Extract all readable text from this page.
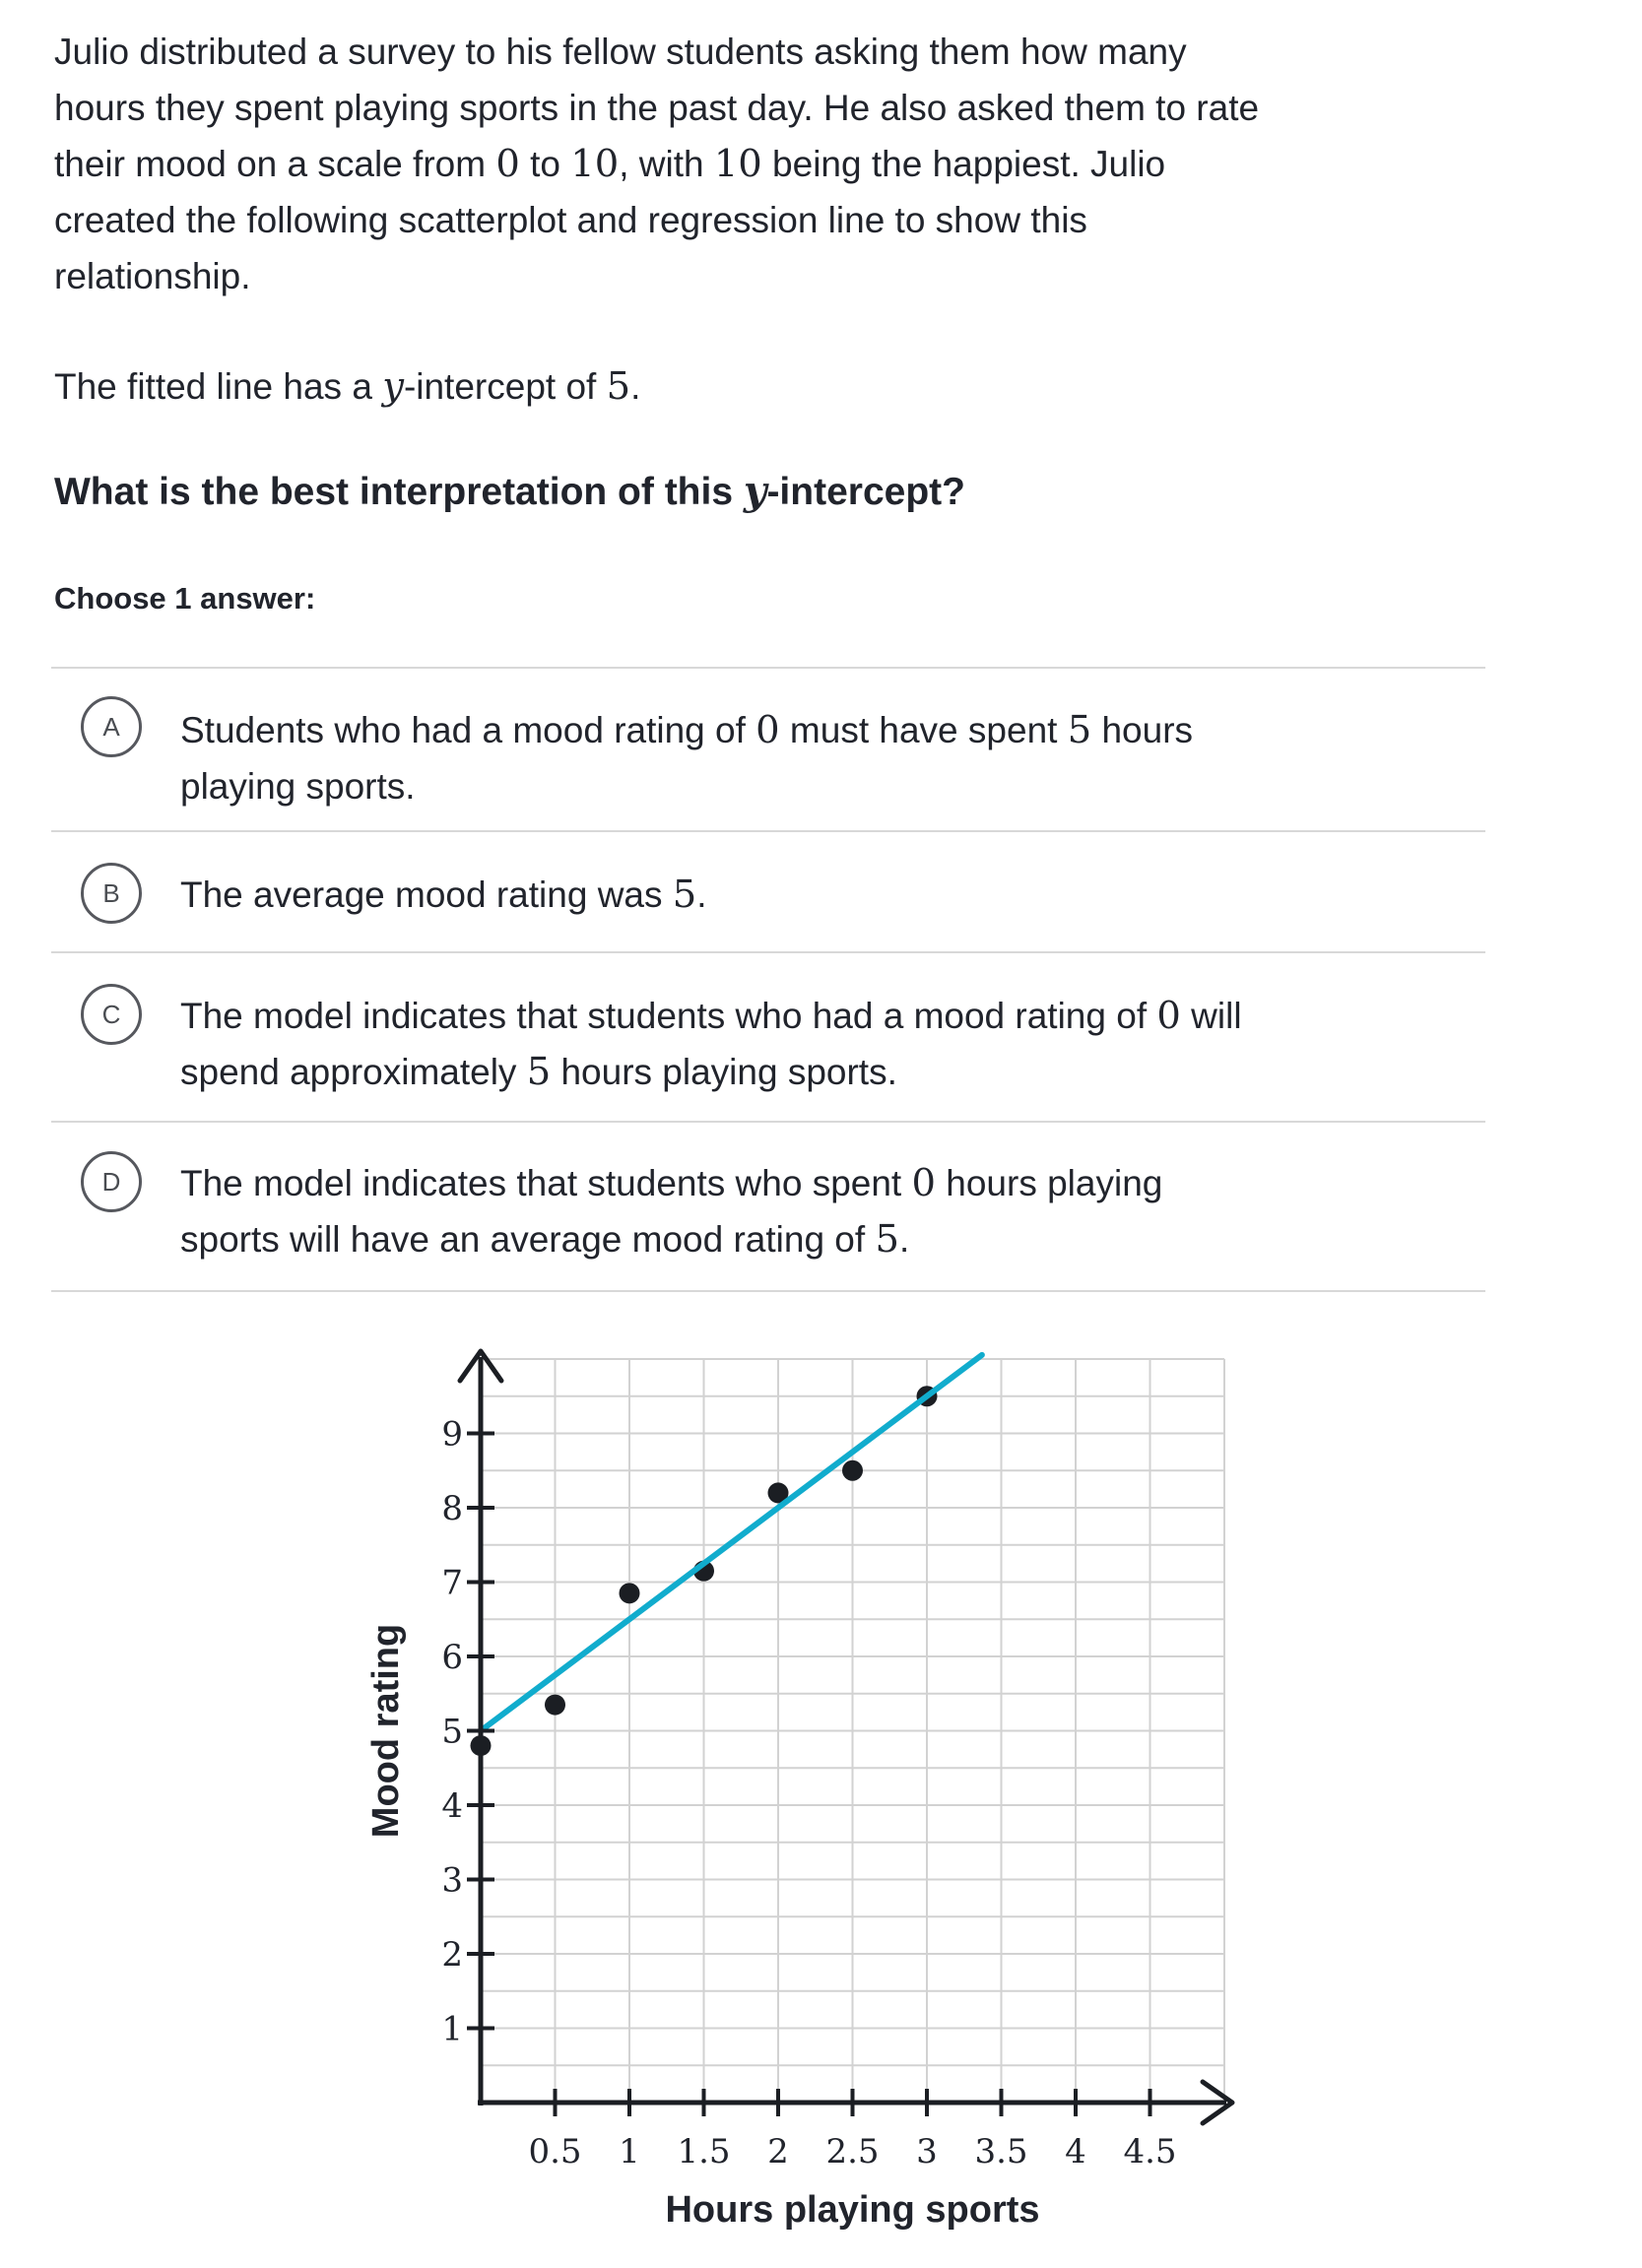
Julio distributed a survey to his fellow students asking them how many
hours they spent playing sports in the past day. He also asked them to rate
their mood on a scale from 0 to 10, with 10 being the happiest. Julio
created the following scatterplot and regression line to show this
relationship.
The fitted line has a y-intercept of 5.
What is the best interpretation of this y-intercept?
Choose 1 answer:
A	Students who had a mood rating of 0 must have spent 5 hours
playing sports.
B	The average mood rating was 5.
C	The model indicates that students who had a mood rating of 0 will
spend approximately 5 hours playing sports.
D	The model indicates that students who spent 0 hours playing
sports will have an average mood rating of 5.
0.5 1 1.5 2 2.5 3 3.5 4 4.5
1
2
3
4
5
6
7
8
9
Hours playing sports
Mood rating
